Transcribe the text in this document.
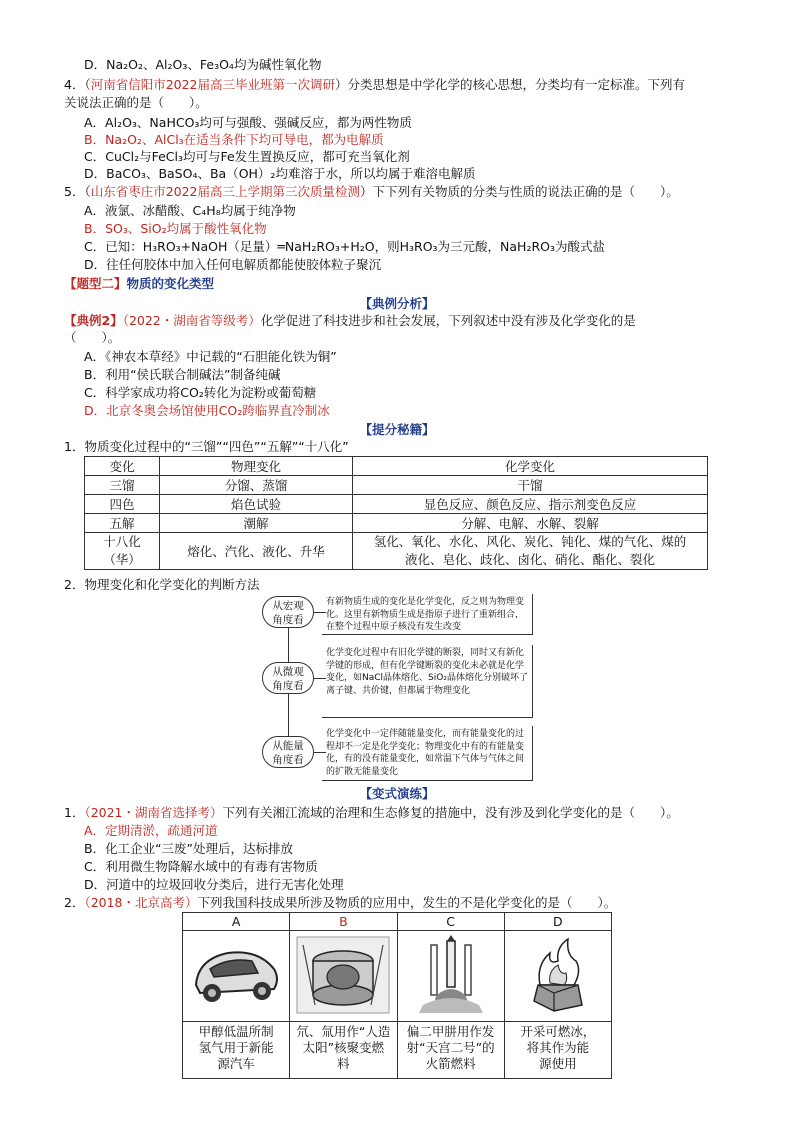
D．Na₂O₂、Al₂O₃、Fe₃O₄均为碱性氧化物
4．（河南省信阳市2022届高三毕业班第一次调研）分类思想是中学化学的核心思想，分类均有一定标准。下列有
关说法正确的是（　　）。
A．Al₂O₃、NaHCO₃均可与强酸、强碱反应，都为两性物质
B．Na₂O₂、AlCl₃在适当条件下均可导电，都为电解质
C．CuCl₂与FeCl₃均可与Fe发生置换反应，都可充当氧化剂
D．BaCO₃、BaSO₄、Ba（OH）₂均难溶于水，所以均属于难溶电解质
5．（山东省枣庄市2022届高三上学期第三次质量检测）下下列有关物质的分类与性质的说法正确的是（　　）。
A．液氯、冰醋酸、C₄H₈均属于纯净物
B．SO₃、SiO₂均属于酸性氧化物
C．已知：H₃RO₃+NaOH（足量）═NaH₂RO₃+H₂O，则H₃RO₃为三元酸，NaH₂RO₃为酸式盐
D．往任何胶体中加入任何电解质都能使胶体粒子聚沉
【题型二】物质的变化类型
【典例分析】
【典例2】（2022・湖南省等级考）化学促进了科技进步和社会发展，下列叙述中没有涉及化学变化的是
（　　）。
A．《神农本草经》中记载的“石胆能化铁为铜”
B．利用“侯氏联合制碱法”制备纯碱
C．科学家成功将CO₂转化为淀粉或葡萄糖
D．北京冬奥会场馆使用CO₂跨临界直冷制冰
【提分秘籍】
1．物质变化过程中的“三馏”“四色”“五解”“十八化”
变化	物理变化	化学变化
三馏	分馏、蒸馏	干馏
四色	焰色试验	显色反应、颜色反应、指示剂变色反应
五解	潮解	分解、电解、水解、裂解
十八化
（华）	熔化、汽化、液化、升华	氢化、氧化、水化、风化、炭化、钝化、煤的气化、煤的
液化、皂化、歧化、卤化、硝化、酯化、裂化
2．物理变化和化学变化的判断方法
从宏观
角度看
从微观
角度看
从能量
角度看
有新物质生成的变化是化学变化，反之则为物理变化。这里有新物质生成是指原子进行了重新组合，在整个过程中原子核没有发生改变
化学变化过程中有旧化学键的断裂，同时又有新化学键的形成，但有化学键断裂的变化未必就是化学变化，如NaCl晶体熔化、SiO₂晶体熔化分别破坏了离子键、共价键，但都属于物理变化
化学变化中一定伴随能量变化，而有能量变化的过程却不一定是化学变化；物理变化中有的有能量变化，有的没有能量变化，如常温下气体与气体之间的扩散无能量变化
【变式演练】
1．（2021・湖南省选择考）下列有关湘江流域的治理和生态修复的措施中，没有涉及到化学变化的是（　　）。
A．定期清淤，疏通河道
B．化工企业“三废”处理后，达标排放
C．利用微生物降解水域中的有毒有害物质
D．河道中的垃圾回收分类后，进行无害化处理
2．（2018・北京高考）下列我国科技成果所涉及物质的应用中，发生的不是化学变化的是（　　）。
A	B	C	D

甲醇低温所制
氢气用于新能
源汽车	氘、氚用作“人造
太阳”核聚变燃
料	偏二甲肼用作发
射“天宫二号”的
火箭燃料	开采可燃冰，
将其作为能
源使用
